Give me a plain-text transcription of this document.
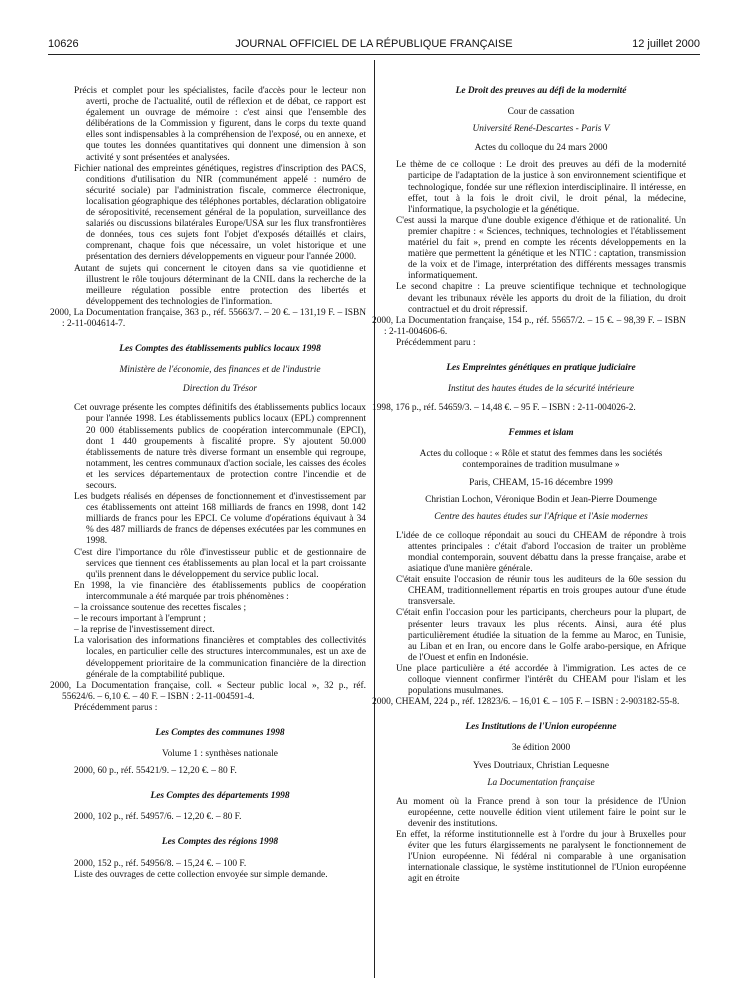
10626	JOURNAL OFFICIEL DE LA RÉPUBLIQUE FRANÇAISE	12 juillet 2000

Précis et complet pour les spécialistes, facile d'accès pour le lecteur non averti, proche de l'actualité, outil de réflexion et de débat, ce rapport est également un ouvrage de mémoire : c'est ainsi que l'ensemble des délibérations de la Commission y figurent, dans le corps du texte quand elles sont indispensables à la compréhension de l'exposé, ou en annexe, et que toutes les données quantitatives qui donnent une dimension à son activité y sont présentées et analysées.

Fichier national des empreintes génétiques, registres d'inscription des PACS, conditions d'utilisation du NIR (communément appelé : numéro de sécurité sociale) par l'administration fiscale, commerce électronique, localisation géographique des téléphones portables, déclaration obligatoire de séropositivité, recensement général de la population, surveillance des salariés ou discussions bilatérales Europe/USA sur les flux transfrontières de données, tous ces sujets font l'objet d'exposés détaillés et clairs, comprenant, chaque fois que nécessaire, un volet historique et une présentation des derniers développements en vigueur pour l'année 2000.

Autant de sujets qui concernent le citoyen dans sa vie quotidienne et illustrent le rôle toujours déterminant de la CNIL dans la recherche de la meilleure régulation possible entre protection des libertés et développement des technologies de l'information.

2000, La Documentation française, 363 p., réf. 55663/7. – 20 €. – 131,19 F. – ISBN : 2-11-004614-7.

Les Comptes des établissements publics locaux 1998

Ministère de l'économie, des finances et de l'industrie

Direction du Trésor

Cet ouvrage présente les comptes définitifs des établissements publics locaux pour l'année 1998. Les établissements publics locaux (EPL) comprennent 20 000 établissements publics de coopération intercommunale (EPCI), dont 1 440 groupements à fiscalité propre. S'y ajoutent 50.000 établissements de nature très diverse formant un ensemble qui regroupe, notamment, les centres communaux d'action sociale, les caisses des écoles et les services départementaux de protection contre l'incendie et de secours.

Les budgets réalisés en dépenses de fonctionnement et d'investissement par ces établissements ont atteint 168 milliards de francs en 1998, dont 142 milliards de francs pour les EPCI. Ce volume d'opérations équivaut à 34 % des 487 milliards de francs de dépenses exécutées par les communes en 1998.

C'est dire l'importance du rôle d'investisseur public et de gestionnaire de services que tiennent ces établissements au plan local et la part croissante qu'ils prennent dans le développement du service public local.

En 1998, la vie financière des établissements publics de coopération intercommunale a été marquée par trois phénomènes :

– la croissance soutenue des recettes fiscales ;

– le recours important à l'emprunt ;

– la reprise de l'investissement direct.

La valorisation des informations financières et comptables des collectivités locales, en particulier celle des structures intercommunales, est un axe de développement prioritaire de la communication financière de la direction générale de la comptabilité publique.

2000, La Documentation française, coll. « Secteur public local », 32 p., réf. 55624/6. – 6,10 €. – 40 F. – ISBN : 2-11-004591-4.

Précédemment parus :

Les Comptes des communes 1998

Volume 1 : synthèses nationale

2000, 60 p., réf. 55421/9. – 12,20 €. – 80 F.

Les Comptes des départements 1998

2000, 102 p., réf. 54957/6. – 12,20 €. – 80 F.

Les Comptes des régions 1998

2000, 152 p., réf. 54956/8. – 15,24 €. – 100 F.

Liste des ouvrages de cette collection envoyée sur simple demande.

Le Droit des preuves au défi de la modernité

Cour de cassation

Université René-Descartes - Paris V

Actes du colloque du 24 mars 2000

Le thème de ce colloque : Le droit des preuves au défi de la modernité participe de l'adaptation de la justice à son environnement scientifique et technologique, fondée sur une réflexion interdisciplinaire. Il intéresse, en effet, tout à la fois le droit civil, le droit pénal, la médecine, l'informatique, la psychologie et la génétique.

C'est aussi la marque d'une double exigence d'éthique et de rationalité. Un premier chapitre : « Sciences, techniques, technologies et l'établissement matériel du fait », prend en compte les récents développements en la matière que permettent la génétique et les NTIC : captation, transmission de la voix et de l'image, interprétation des différents messages transmis informatiquement.

Le second chapitre : La preuve scientifique technique et technologique devant les tribunaux révèle les apports du droit de la filiation, du droit contractuel et du droit répressif.

2000, La Documentation française, 154 p., réf. 55657/2. – 15 €. – 98,39 F. – ISBN : 2-11-004606-6.

Précédemment paru :

Les Empreintes génétiques en pratique judiciaire

Institut des hautes études de la sécurité intérieure

1998, 176 p., réf. 54659/3. – 14,48 €. – 95 F. – ISBN : 2-11-004026-2.

Femmes et islam

Actes du colloque : « Rôle et statut des femmes dans les sociétés contemporaines de tradition musulmane »

Paris, CHEAM, 15-16 décembre 1999

Christian Lochon, Véronique Bodin et Jean-Pierre Doumenge

Centre des hautes études sur l'Afrique et l'Asie modernes

L'idée de ce colloque répondait au souci du CHEAM de répondre à trois attentes principales : c'était d'abord l'occasion de traiter un problème mondial contemporain, souvent débattu dans la presse française, arabe et asiatique d'une manière générale.

C'était ensuite l'occasion de réunir tous les auditeurs de la 60e session du CHEAM, traditionnellement répartis en trois groupes autour d'une étude transversale.

C'était enfin l'occasion pour les participants, chercheurs pour la plupart, de présenter leurs travaux les plus récents. Ainsi, aura été plus particulièrement étudiée la situation de la femme au Maroc, en Tunisie, au Liban et en Iran, ou encore dans le Golfe arabo-persique, en Afrique de l'Ouest et enfin en Indonésie.

Une place particulière a été accordée à l'immigration. Les actes de ce colloque viennent confirmer l'intérêt du CHEAM pour l'islam et les populations musulmanes.

2000, CHEAM, 224 p., réf. 12823/6. – 16,01 €. – 105 F. – ISBN : 2-903182-55-8.

Les Institutions de l'Union européenne

3e édition 2000

Yves Doutriaux, Christian Lequesne

La Documentation française

Au moment où la France prend à son tour la présidence de l'Union européenne, cette nouvelle édition vient utilement faire le point sur le devenir des institutions.

En effet, la réforme institutionnelle est à l'ordre du jour à Bruxelles pour éviter que les futurs élargissements ne paralysent le fonctionnement de l'Union européenne. Ni fédéral ni comparable à une organisation internationale classique, le système institutionnel de l'Union européenne agit en étroite
